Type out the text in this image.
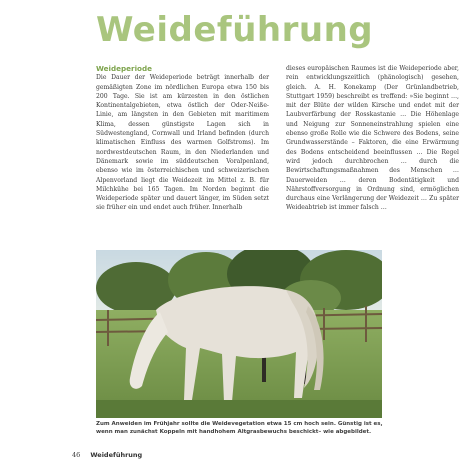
Weideführung
Weideperiode

Die Dauer der Weideperiode beträgt innerhalb der gemäßigten Zone im nördlichen Europa etwa 150 bis 200 Tage. Sie ist am kürzesten in den östlichen Kontinentalgebieten, etwa östlich der Oder-Neiße-Linie, am längsten in den Gebieten mit maritimem Klima, dessen günstigste Lagen sich in Südwestengland, Cornwall und Irland befinden (durch klimatischen Einfluss des warmen Golfstroms). Im nordwestdeutschen Raum, in den Niederlanden und Dänemark sowie im süddeutschen Voralpenland, ebenso wie im österreichischen und schweizerischen Alpenvorland liegt die Weidezeit im Mittel z. B. für Milchkühe bei 165 Tagen. Im Norden beginnt die Weideperiode später und dauert länger, im Süden setzt sie früher ein und endet auch früher. Innerhalb

dieses europäischen Raumes ist die Weideperiode aber, rein entwicklungszeitlich (phänologisch) gesehen, gleich. A. H. Konekamp (Der Grünlandbetrieb, Stuttgart 1959) beschreibt es treffend: »Sie beginnt …, mit der Blüte der wilden Kirsche und endet mit der Laubverfärbung der Rosskastanie … Die Höhenlage und Neigung zur Sonneneinstrahlung spielen eine ebenso große Rolle wie die Schwere des Bodens, seine Grundwasserstände – Faktoren, die eine Erwärmung des Bodens entscheidend beeinflussen … Die Regel wird jedoch durchbrochen … durch die Bewirtschaftungsmaßnahmen des Menschen … Dauerweiden … deren Bodentätigkeit und Nährstoffversorgung in Ordnung sind, ermöglichen durchaus eine Verlängerung der Weidezeit … Zu später Weideabtrieb ist immer falsch …

Zum Anweiden im Frühjahr sollte die Weidevegetation etwa 15 cm hoch sein. Günstig ist es, wenn man zunächst Koppeln mit handhohem Altgrasbewuchs beschickt– wie abgebildet.
46 Weideführung
